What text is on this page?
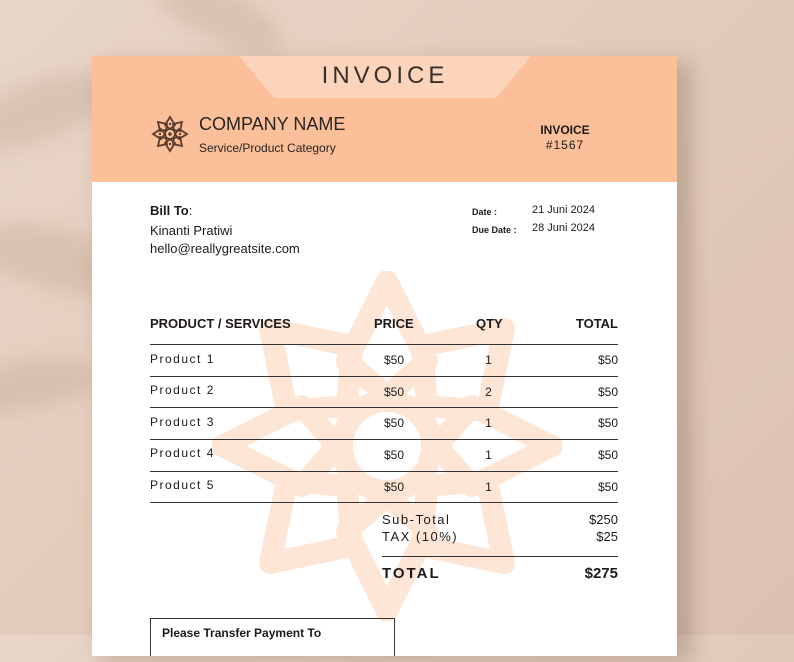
INVOICE
COMPANY NAME
Service/Product Category
INVOICE
#1567
Bill To:
Kinanti Pratiwi
hello@reallygreatsite.com
Date :	21 Juni 2024
Due Date : 28 Juni 2024
PRODUCT / SERVICES	PRICE	QTY	TOTAL
Product 1	$50	1	$50
Product 2	$50	2	$50
Product 3	$50	1	$50
Product 4	$50	1	$50
Product 5	$50	1	$50
Sub-Total	$250
TAX (10%)	$25
TOTAL	$275
Please Transfer Payment To
